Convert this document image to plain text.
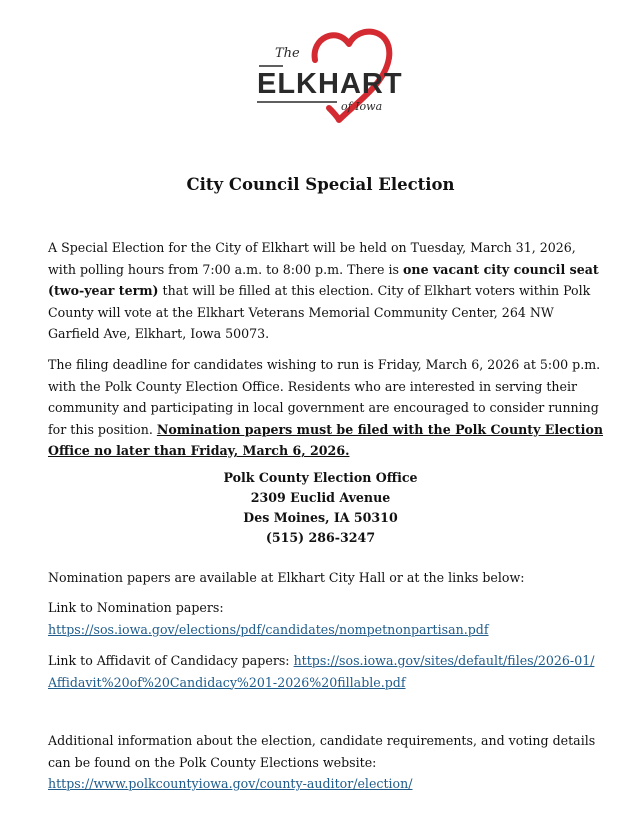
The
ELKHART
of Iowa
City Council Special Election
A Special Election for the City of Elkhart will be held on Tuesday, March 31, 2026, with polling hours from 7:00 a.m. to 8:00 p.m. There is one vacant city council seat (two-year term) that will be filled at this election. City of Elkhart voters within Polk County will vote at the Elkhart Veterans Memorial Community Center, 264 NW Garfield Ave, Elkhart, Iowa 50073.
The filing deadline for candidates wishing to run is Friday, March 6, 2026 at 5:00 p.m. with the Polk County Election Office. Residents who are interested in serving their community and participating in local government are encouraged to consider running for this position. Nomination papers must be filed with the Polk County Election Office no later than Friday, March 6, 2026.
Polk County Election Office
2309 Euclid Avenue
Des Moines, IA 50310
(515) 286-3247
Nomination papers are available at Elkhart City Hall or at the links below:
Link to Nomination papers:
https://sos.iowa.gov/elections/pdf/candidates/nompetnonpartisan.pdf
Link to Affidavit of Candidacy papers: https://sos.iowa.gov/sites/default/files/2026-01/Affidavit%20of%20Candidacy%201-2026%20fillable.pdf
Additional information about the election, candidate requirements, and voting details can be found on the Polk County Elections website:
https://www.polkcountyiowa.gov/county-auditor/election/
